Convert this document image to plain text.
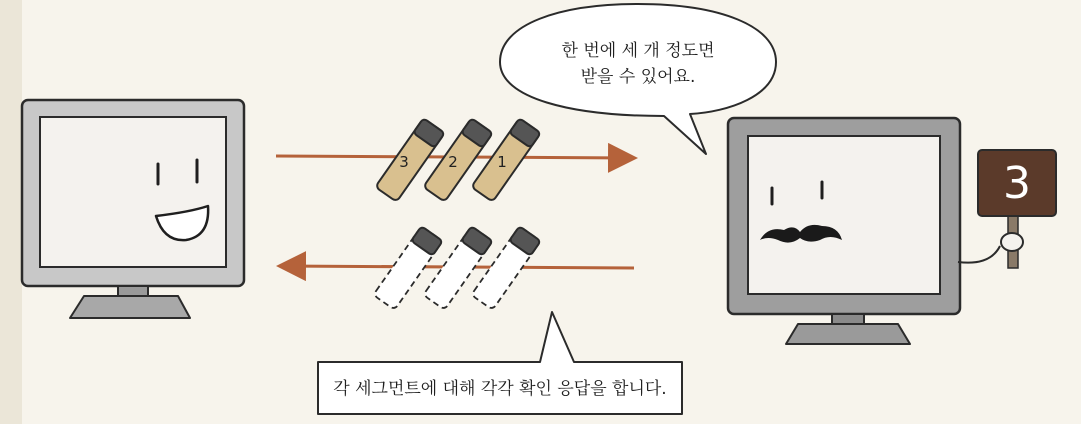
3
3	2	1
한 번에 세 개 정도면
받을 수 있어요.
각 세그먼트에 대해 각각 확인 응답을 합니다.
